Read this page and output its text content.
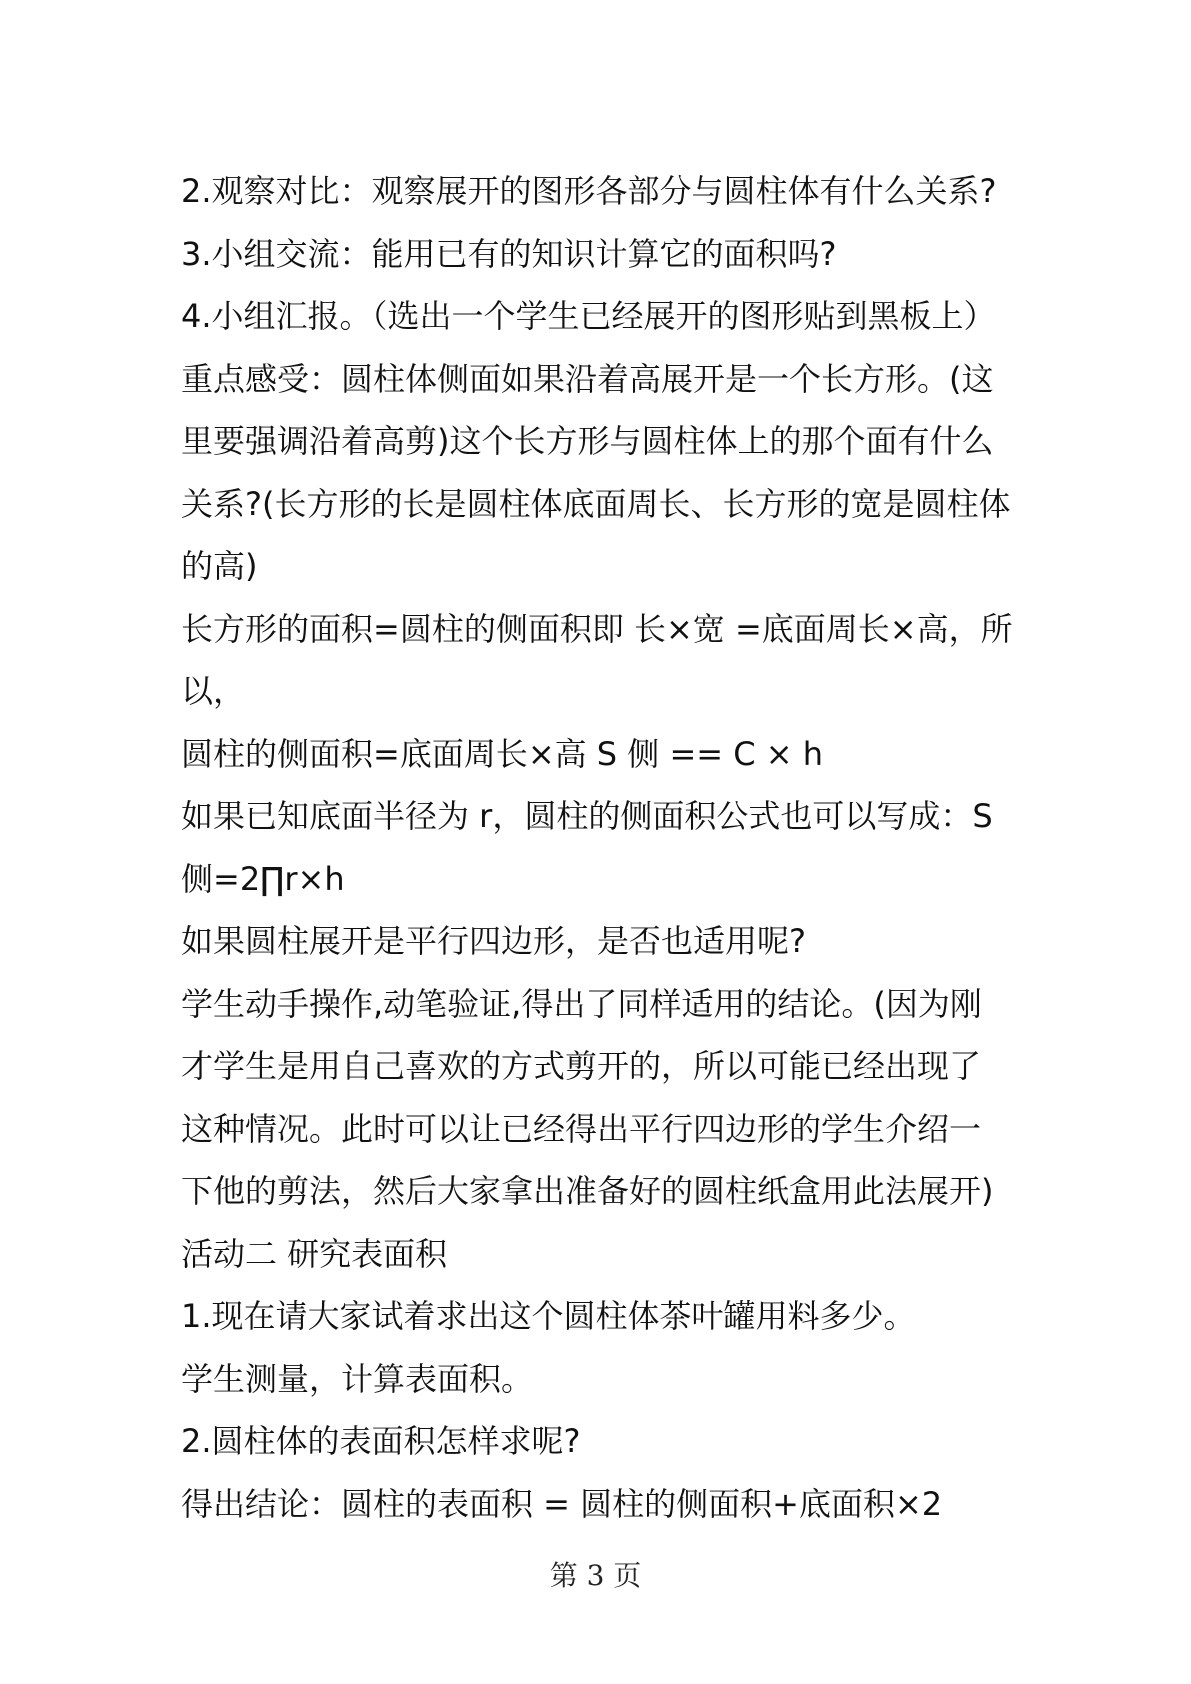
2.观察对比：观察展开的图形各部分与圆柱体有什么关系?

3.小组交流：能用已有的知识计算它的面积吗?

4.小组汇报。（选出一个学生已经展开的图形贴到黑板上）

重点感受：圆柱体侧面如果沿着高展开是一个长方形。(这

里要强调沿着高剪)这个长方形与圆柱体上的那个面有什么

关系?(长方形的长是圆柱体底面周长、长方形的宽是圆柱体

的高)

长方形的面积=圆柱的侧面积即 长×宽 =底面周长×高，所

以，

圆柱的侧面积=底面周长×高 S 侧 == C × h

如果已知底面半径为 r，圆柱的侧面积公式也可以写成：S

侧=2∏r×h

如果圆柱展开是平行四边形，是否也适用呢?

学生动手操作,动笔验证,得出了同样适用的结论。(因为刚

才学生是用自己喜欢的方式剪开的，所以可能已经出现了

这种情况。此时可以让已经得出平行四边形的学生介绍一

下他的剪法，然后大家拿出准备好的圆柱纸盒用此法展开)

活动二 研究表面积

1.现在请大家试着求出这个圆柱体茶叶罐用料多少。

学生测量，计算表面积。

2.圆柱体的表面积怎样求呢?

得出结论：圆柱的表面积 = 圆柱的侧面积+底面积×2

第 3 页
